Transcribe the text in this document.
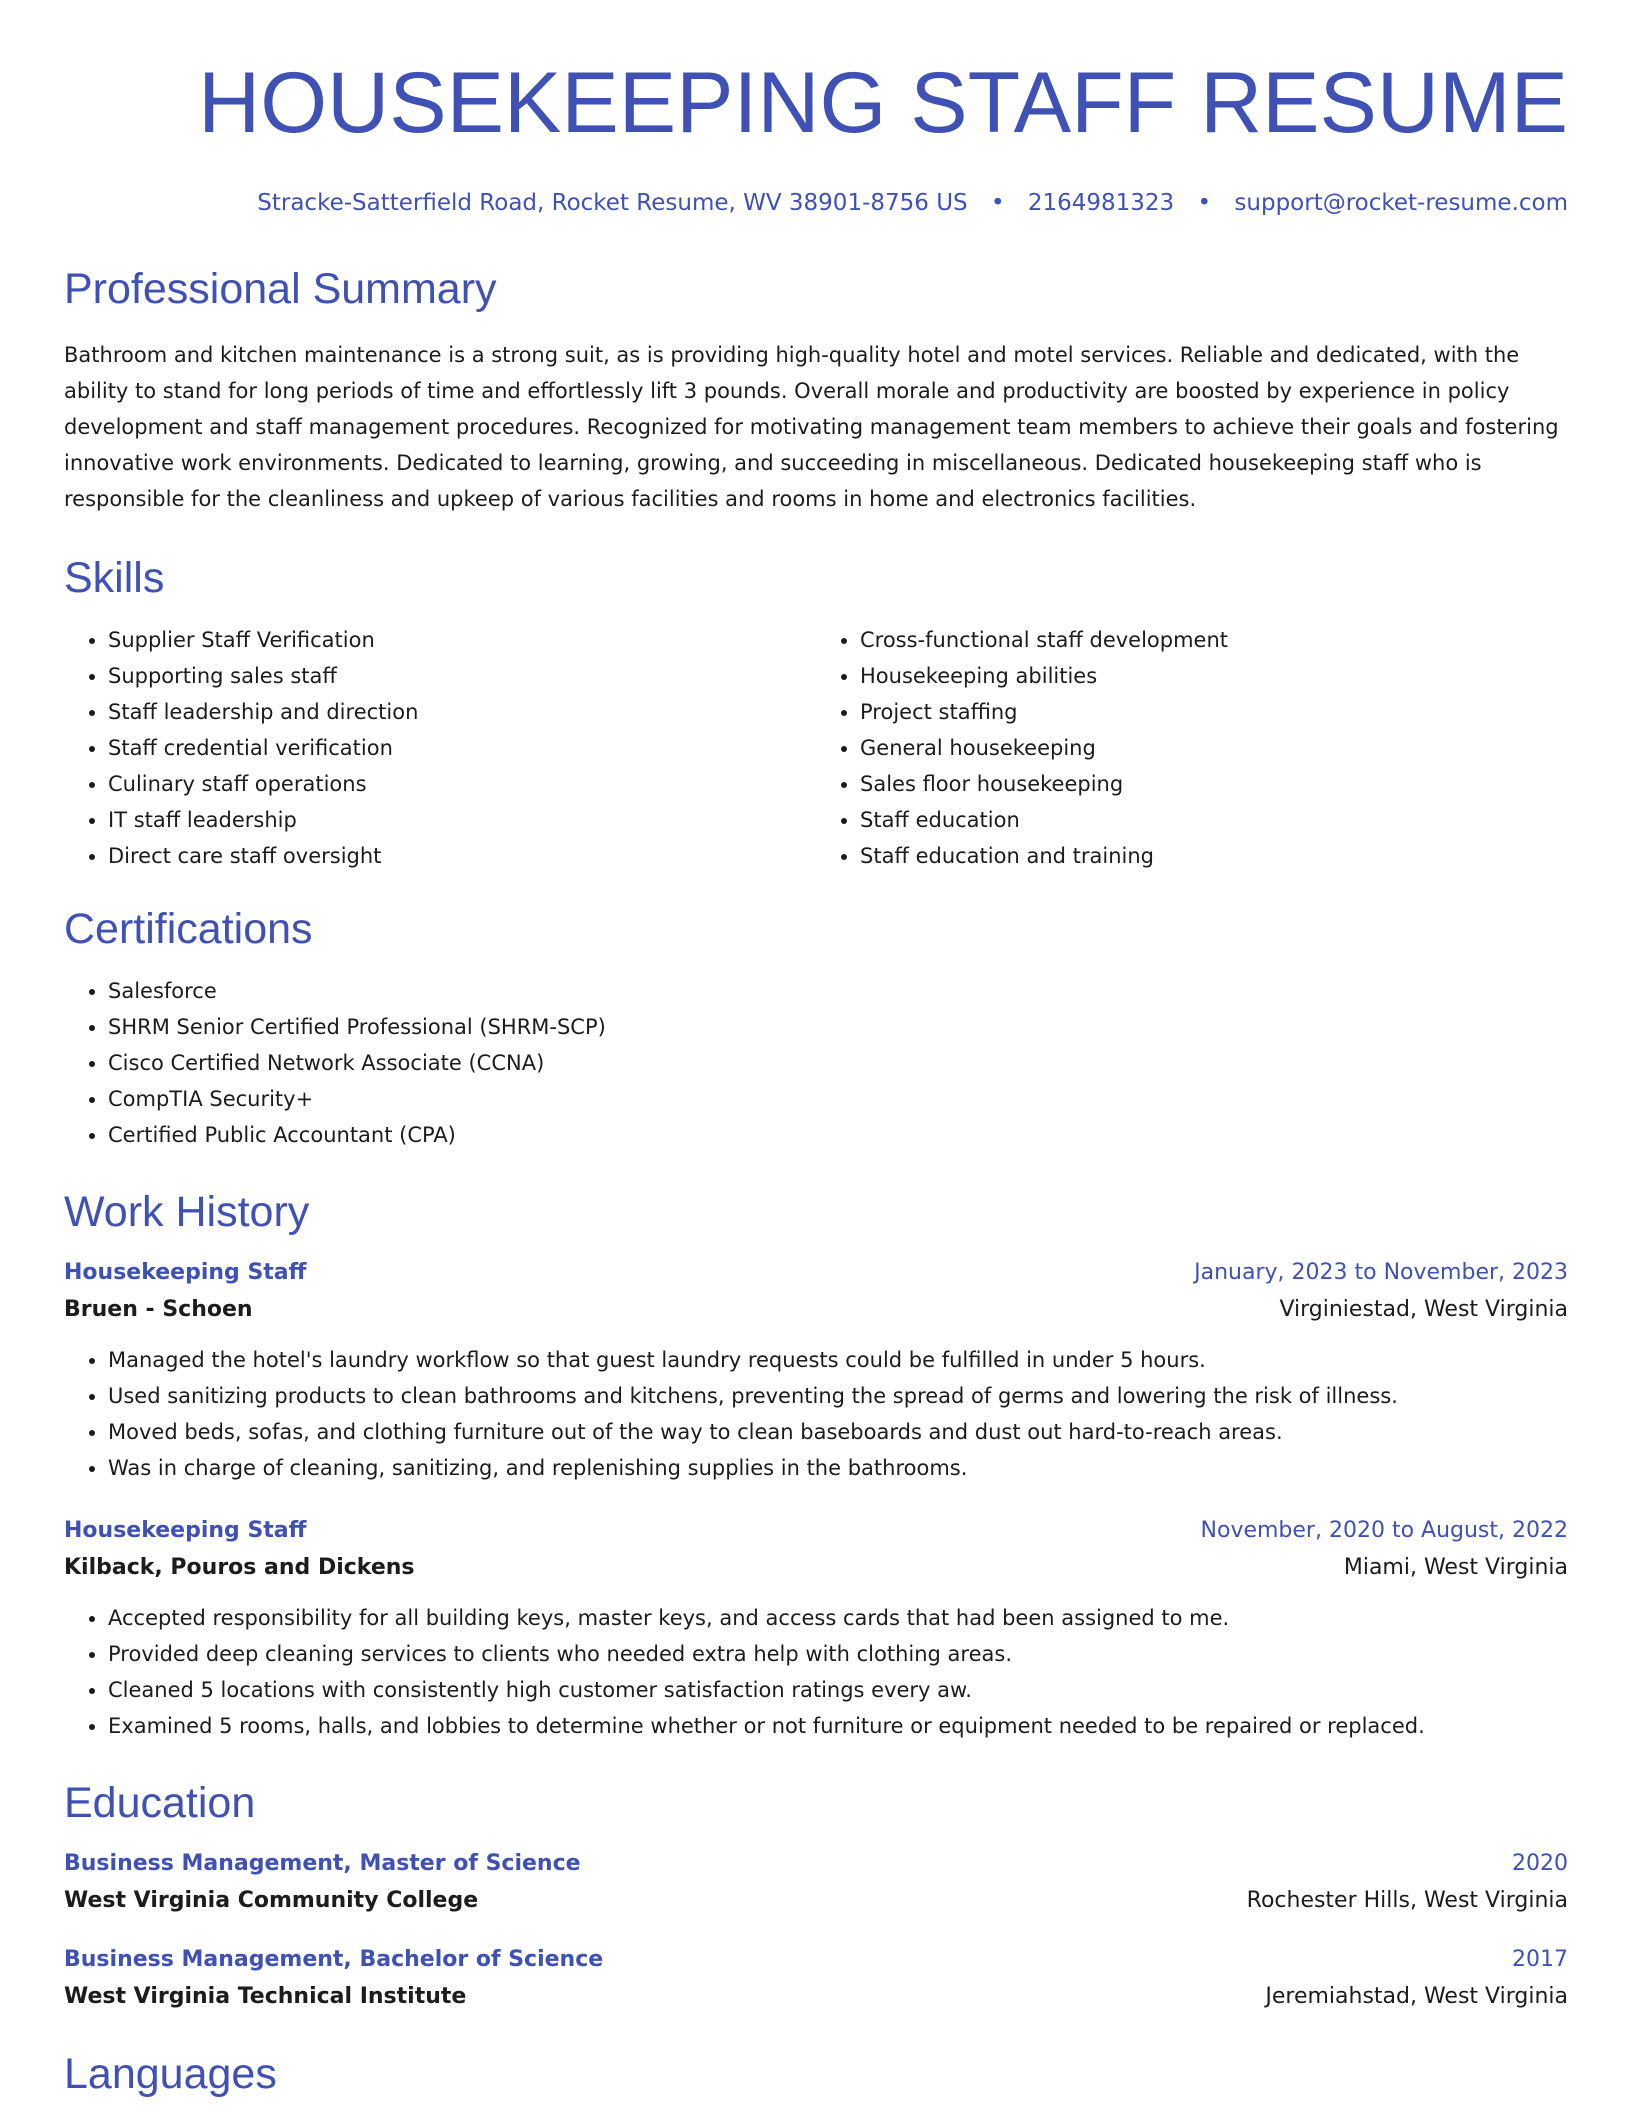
HOUSEKEEPING STAFF RESUME
Stracke-Satterfield Road, Rocket Resume, WV 38901-8756 US • 2164981323 • support@rocket-resume.com
Professional Summary
Bathroom and kitchen maintenance is a strong suit, as is providing high-quality hotel and motel services. Reliable and dedicated, with the ability to stand for long periods of time and effortlessly lift 3 pounds. Overall morale and productivity are boosted by experience in policy development and staff management procedures. Recognized for motivating management team members to achieve their goals and fostering innovative work environments. Dedicated to learning, growing, and succeeding in miscellaneous. Dedicated housekeeping staff who is responsible for the cleanliness and upkeep of various facilities and rooms in home and electronics facilities.
Skills
• Supplier Staff Verification
• Supporting sales staff
• Staff leadership and direction
• Staff credential verification
• Culinary staff operations
• IT staff leadership
• Direct care staff oversight
• Cross-functional staff development
• Housekeeping abilities
• Project staffing
• General housekeeping
• Sales floor housekeeping
• Staff education
• Staff education and training
Certifications
• Salesforce
• SHRM Senior Certified Professional (SHRM-SCP)
• Cisco Certified Network Associate (CCNA)
• CompTIA Security+
• Certified Public Accountant (CPA)
Work History
Housekeeping Staff	January, 2023 to November, 2023
Bruen - Schoen	Virginiestad, West Virginia
• Managed the hotel's laundry workflow so that guest laundry requests could be fulfilled in under 5 hours.
• Used sanitizing products to clean bathrooms and kitchens, preventing the spread of germs and lowering the risk of illness.
• Moved beds, sofas, and clothing furniture out of the way to clean baseboards and dust out hard-to-reach areas.
• Was in charge of cleaning, sanitizing, and replenishing supplies in the bathrooms.
Housekeeping Staff	November, 2020 to August, 2022
Kilback, Pouros and Dickens	Miami, West Virginia
• Accepted responsibility for all building keys, master keys, and access cards that had been assigned to me.
• Provided deep cleaning services to clients who needed extra help with clothing areas.
• Cleaned 5 locations with consistently high customer satisfaction ratings every aw.
• Examined 5 rooms, halls, and lobbies to determine whether or not furniture or equipment needed to be repaired or replaced.
Education
Business Management, Master of Science	2020
West Virginia Community College	Rochester Hills, West Virginia
Business Management, Bachelor of Science	2017
West Virginia Technical Institute	Jeremiahstad, West Virginia
Languages
